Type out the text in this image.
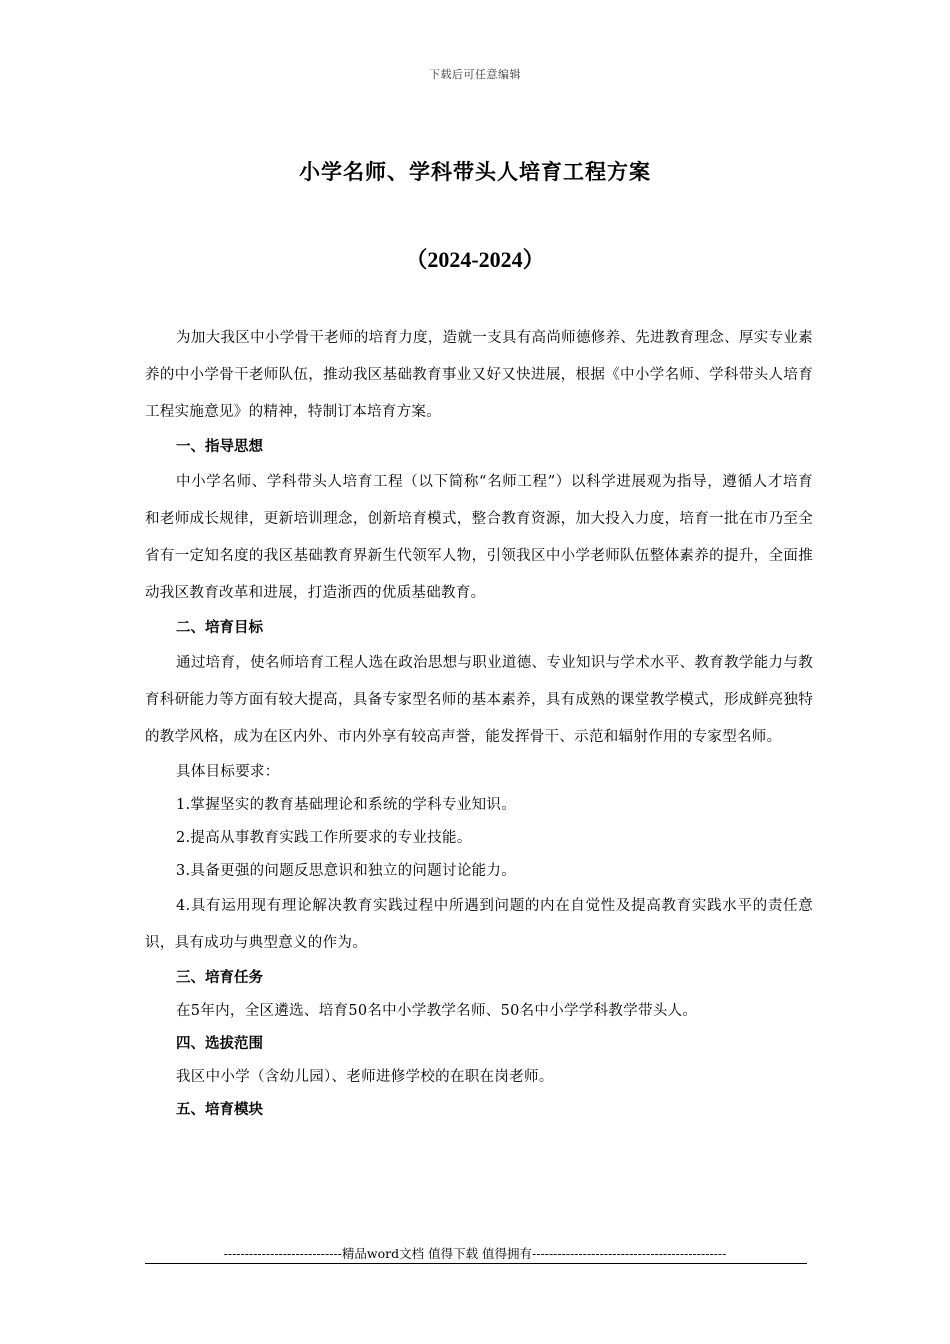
下载后可任意编辑
小学名师、学科带头人培育工程方案
（2024-2024）

为加大我区中小学骨干老师的培育力度，造就一支具有高尚师德修养、先进教育理念、厚实专业素养的中小学骨干老师队伍，推动我区基础教育事业又好又快进展，根据《中小学名师、学科带头人培育工程实施意见》的精神，特制订本培育方案。

一、指导思想

中小学名师、学科带头人培育工程（以下简称“名师工程”）以科学进展观为指导，遵循人才培育和老师成长规律，更新培训理念，创新培育模式，整合教育资源，加大投入力度，培育一批在市乃至全省有一定知名度的我区基础教育界新生代领军人物，引领我区中小学老师队伍整体素养的提升，全面推动我区教育改革和进展，打造浙西的优质基础教育。

二、培育目标

通过培育，使名师培育工程人选在政治思想与职业道德、专业知识与学术水平、教育教学能力与教育科研能力等方面有较大提高，具备专家型名师的基本素养，具有成熟的课堂教学模式，形成鲜亮独特的教学风格，成为在区内外、市内外享有较高声誉，能发挥骨干、示范和辐射作用的专家型名师。

具体目标要求：

1.掌握坚实的教育基础理论和系统的学科专业知识。

2.提高从事教育实践工作所要求的专业技能。

3.具备更强的问题反思意识和独立的问题讨论能力。

4.具有运用现有理论解决教育实践过程中所遇到问题的内在自觉性及提高教育实践水平的责任意识，具有成功与典型意义的作为。

三、培育任务

在5年内，全区遴选、培育50名中小学教学名师、50名中小学学科教学带头人。

四、选拔范围

我区中小学（含幼儿园）、老师进修学校的在职在岗老师。

五、培育模块

----------------------------精品word文档 值得下载 值得拥有----------------------------------------------
